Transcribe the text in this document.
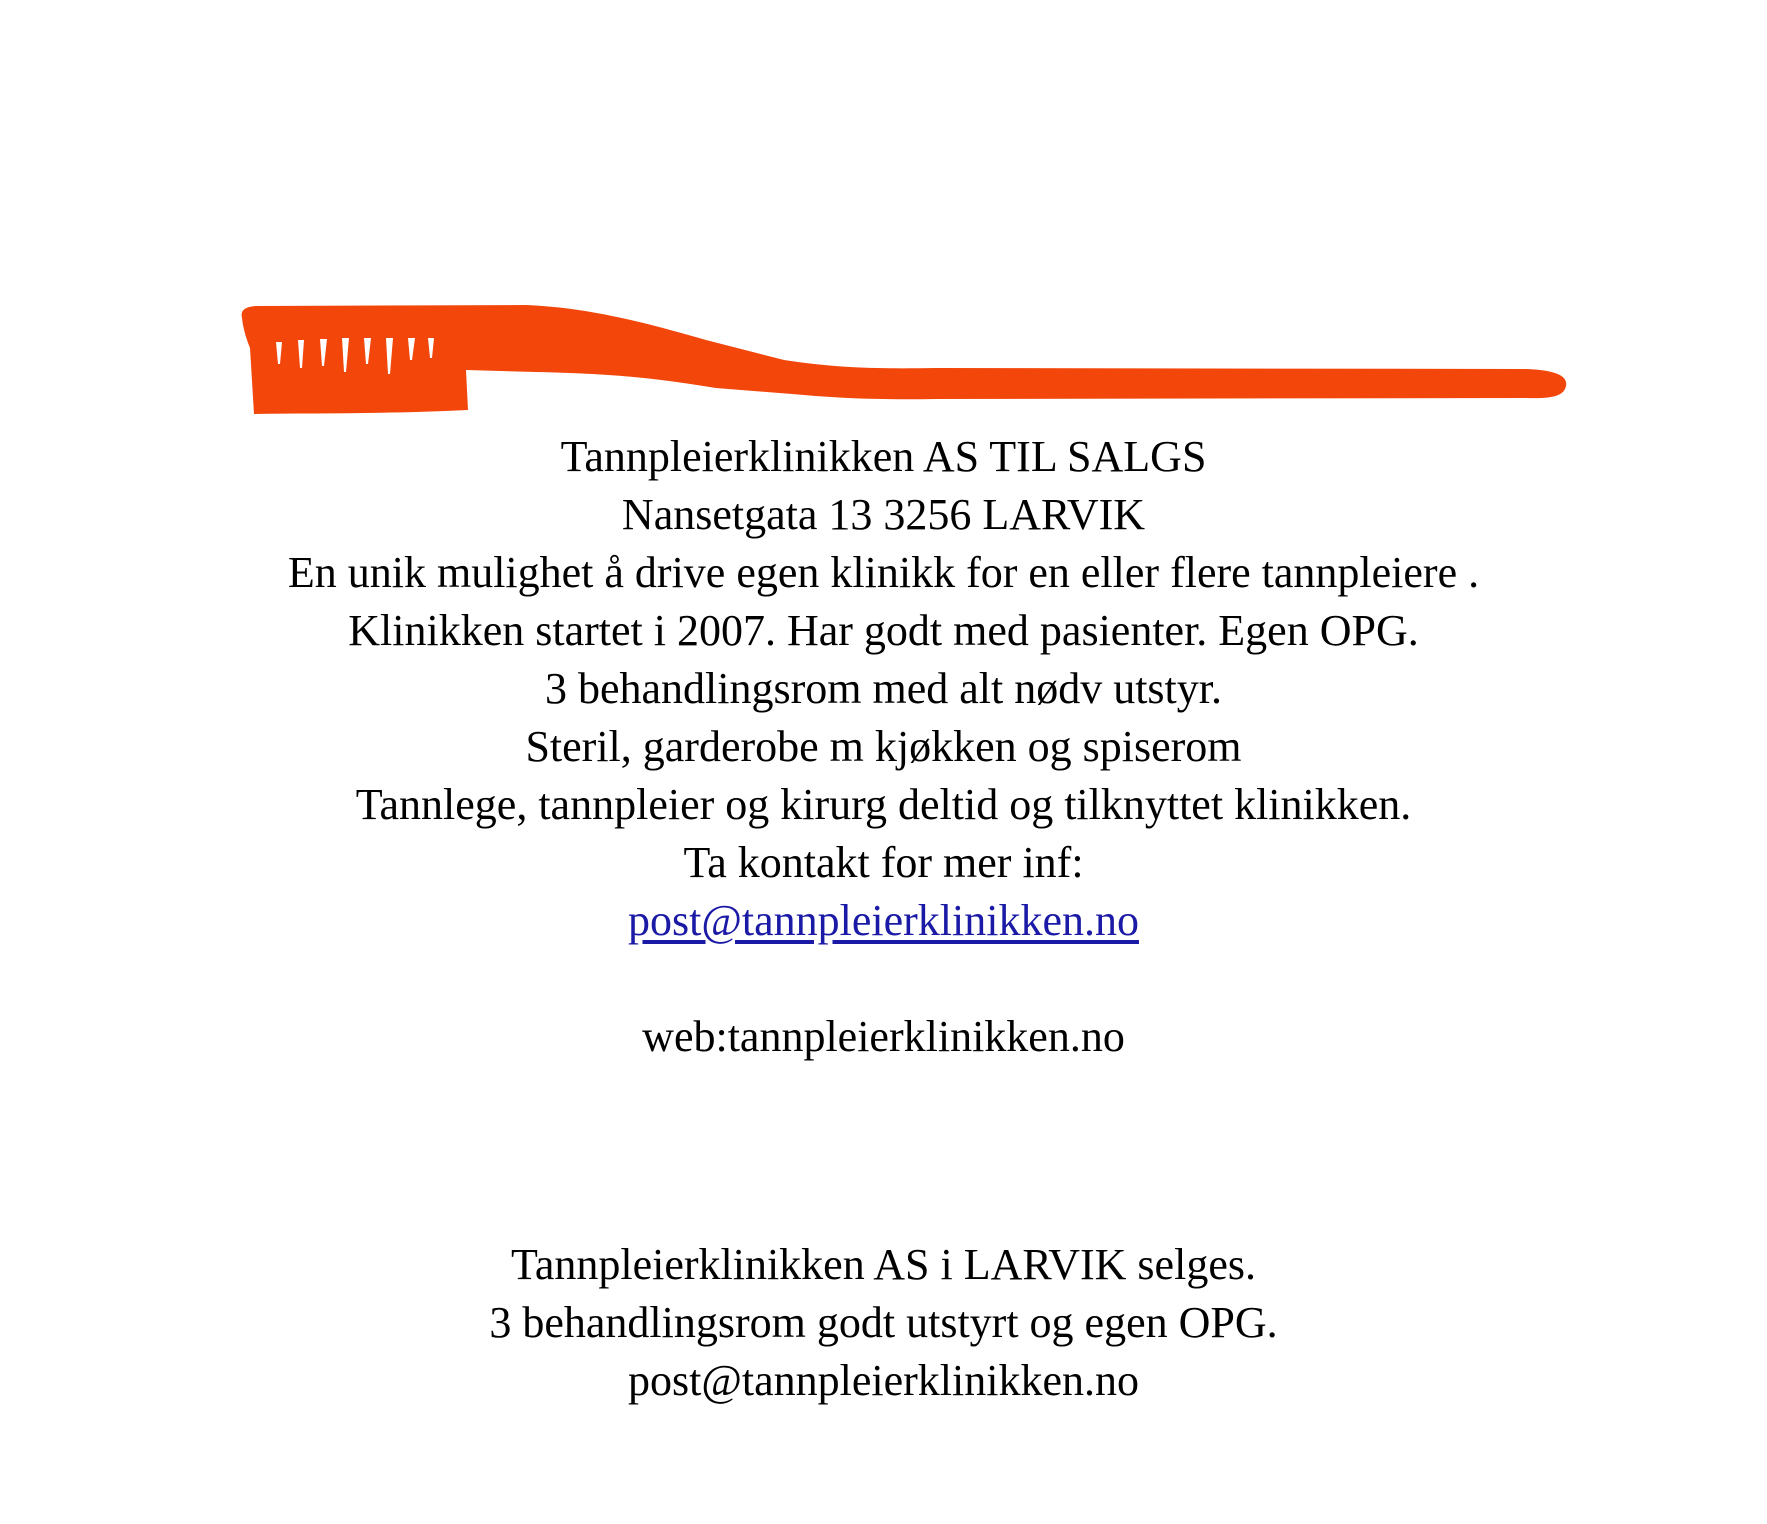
Tannpleierklinikken AS TIL SALGS
Nansetgata 13 3256 LARVIK
En unik mulighet å drive egen klinikk for en eller flere tannpleiere .
Klinikken startet i 2007. Har godt med pasienter. Egen OPG.
3 behandlingsrom med alt nødv utstyr.
Steril, garderobe m kjøkken og spiserom
Tannlege, tannpleier og kirurg deltid og tilknyttet klinikken.
Ta kontakt for mer inf:
post@tannpleierklinikken.no
web:tannpleierklinikken.no
Tannpleierklinikken AS i LARVIK selges.
3 behandlingsrom godt utstyrt og egen OPG.
post@tannpleierklinikken.no
